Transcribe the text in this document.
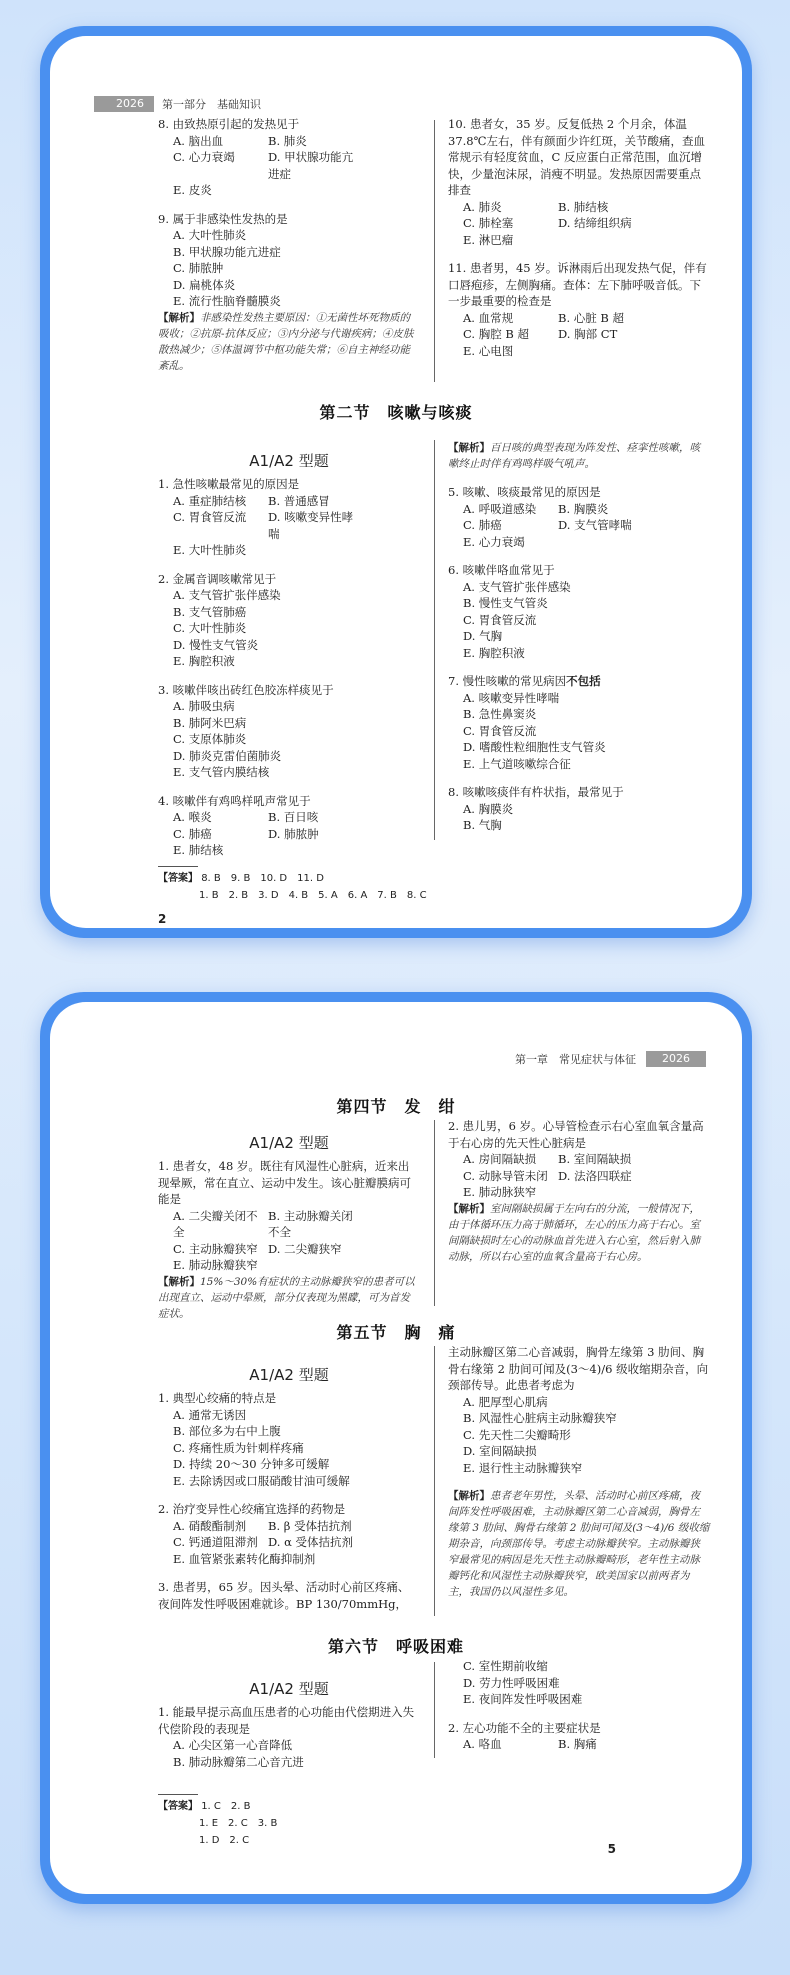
2026	第一部分　基础知识

8. 由致热原引起的发热见于

A. 脑出血	B. 肺炎
C. 心力衰竭	D. 甲状腺功能亢进症
E. 皮炎

9. 属于非感染性发热的是

A. 大叶性肺炎
B. 甲状腺功能亢进症
C. 肺脓肿
D. 扁桃体炎
E. 流行性脑脊髓膜炎
【解析】非感染性发热主要原因：①无菌性坏死物质的吸收；②抗原-抗体反应；③内分泌与代谢疾病；④皮肤散热减少；⑤体温调节中枢功能失常；⑥自主神经功能紊乱。

10. 患者女，35 岁。反复低热 2 个月余，体温 37.8℃左右，伴有颜面少许红斑，关节酸痛，查血常规示有轻度贫血，C 反应蛋白正常范围，血沉增快，少量泡沫尿，消瘦不明显。发热原因需要重点排查

A. 肺炎	B. 肺结核
C. 肺栓塞	D. 结缔组织病
E. 淋巴瘤

11. 患者男，45 岁。诉淋雨后出现发热气促，伴有口唇疱疹，左侧胸痛。查体：左下肺呼吸音低。下一步最重要的检查是

A. 血常规	B. 心脏 B 超
C. 胸腔 B 超	D. 胸部 CT
E. 心电图
第二节　咳嗽与咳痰
A1/A2 型题

1. 急性咳嗽最常见的原因是

A. 重症肺结核	B. 普通感冒
C. 胃食管反流	D. 咳嗽变异性哮喘
E. 大叶性肺炎

2. 金属音调咳嗽常见于

A. 支气管扩张伴感染
B. 支气管肺癌
C. 大叶性肺炎
D. 慢性支气管炎
E. 胸腔积液

3. 咳嗽伴咳出砖红色胶冻样痰见于

A. 肺吸虫病
B. 肺阿米巴病
C. 支原体肺炎
D. 肺炎克雷伯菌肺炎
E. 支气管内膜结核

4. 咳嗽伴有鸡鸣样吼声常见于

A. 喉炎	B. 百日咳
C. 肺癌	D. 肺脓肿
E. 肺结核
【解析】百日咳的典型表现为阵发性、痉挛性咳嗽，咳嗽终止时伴有鸡鸣样吸气吼声。

5. 咳嗽、咳痰最常见的原因是

A. 呼吸道感染	B. 胸膜炎
C. 肺癌	D. 支气管哮喘
E. 心力衰竭

6. 咳嗽伴咯血常见于

A. 支气管扩张伴感染
B. 慢性支气管炎
C. 胃食管反流
D. 气胸
E. 胸腔积液

7. 慢性咳嗽的常见病因不包括

A. 咳嗽变异性哮喘
B. 急性鼻窦炎
C. 胃食管反流
D. 嗜酸性粒细胞性支气管炎
E. 上气道咳嗽综合征

8. 咳嗽咳痰伴有杵状指，最常见于

A. 胸膜炎
B. 气胸
【答案】 8. B　9. B　10. D　11. D
1. B　2. B　3. D　4. B　5. A　6. A　7. B　8. C
2
第一章　常见症状与体征	2026
第四节　发　绀
A1/A2 型题

1. 患者女，48 岁。既往有风湿性心脏病，近来出现晕厥，常在直立、运动中发生。该心脏瓣膜病可能是

A. 二尖瓣关闭不全
B. 主动脉瓣关闭不全
C. 主动脉瓣狭窄 D. 二尖瓣狭窄
E. 肺动脉瓣狭窄
【解析】15%～30%有症状的主动脉瓣狭窄的患者可以出现直立、运动中晕厥，部分仅表现为黑矇，可为首发症状。

2. 患儿男，6 岁。心导管检查示右心室血氧含量高于右心房的先天性心脏病是

A. 房间隔缺损	B. 室间隔缺损
C. 动脉导管未闭 D. 法洛四联症
E. 肺动脉狭窄
【解析】室间隔缺损属于左向右的分流，一般情况下，由于体循环压力高于肺循环，左心的压力高于右心。室间隔缺损时左心的动脉血首先进入右心室，然后射入肺动脉，所以右心室的血氧含量高于右心房。
第五节　胸　痛
A1/A2 型题

1. 典型心绞痛的特点是

A. 通常无诱因
B. 部位多为右中上腹
C. 疼痛性质为针刺样疼痛
D. 持续 20～30 分钟多可缓解
E. 去除诱因或口服硝酸甘油可缓解

2. 治疗变异性心绞痛宜选择的药物是

A. 硝酸酯制剂	B. β 受体拮抗剂
C. 钙通道阻滞剂 D. α 受体拮抗剂
E. 血管紧张素转化酶抑制剂

3. 患者男，65 岁。因头晕、活动时心前区疼痛、夜间阵发性呼吸困难就诊。BP 130/70mmHg，

主动脉瓣区第二心音减弱，胸骨左缘第 3 肋间、胸骨右缘第 2 肋间可闻及(3～4)/6 级收缩期杂音，向颈部传导。此患者考虑为

A. 肥厚型心肌病
B. 风湿性心脏病主动脉瓣狭窄
C. 先天性二尖瓣畸形
D. 室间隔缺损
E. 退行性主动脉瓣狭窄
【解析】患者老年男性，头晕、活动时心前区疼痛，夜间阵发性呼吸困难，主动脉瓣区第二心音减弱，胸骨左缘第 3 肋间、胸骨右缘第 2 肋间可闻及(3～4)/6 级收缩期杂音，向颈部传导。考虑主动脉瓣狭窄。主动脉瓣狭窄最常见的病因是先天性主动脉瓣畸形，老年性主动脉瓣钙化和风湿性主动脉瓣狭窄，欧美国家以前两者为主，我国仍以风湿性多见。
第六节　呼吸困难
A1/A2 型题

1. 能最早提示高血压患者的心功能由代偿期进入失代偿阶段的表现是

A. 心尖区第一心音降低
B. 肺动脉瓣第二心音亢进
C. 室性期前收缩
D. 劳力性呼吸困难
E. 夜间阵发性呼吸困难

2. 左心功能不全的主要症状是

A. 咯血	B. 胸痛
【答案】 1. C　2. B
1. E　2. C　3. B
1. D　2. C
5
